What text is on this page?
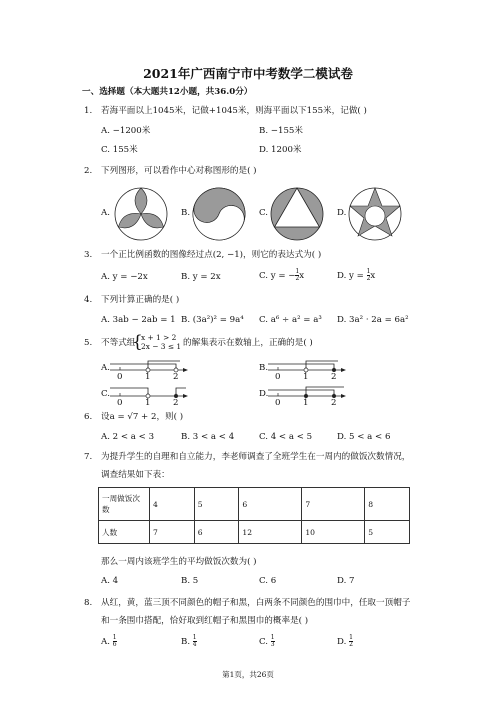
2021年广西南宁市中考数学二模试卷
一、选择题（本大题共12小题，共36.0分）
1. 若海平面以上1045米，记做+1045米，则海平面以下155米，记做( )
A. −1200米	B. −155米
C. 155米	D. 1200米
2. 下列图形，可以看作中心对称图形的是( )
A.	B.	C.	D.
3. 一个正比例函数的图像经过点(2, −1)，则它的表达式为( )
A. y = −2x	B. y = 2x	C. y = − $\frac{1}{2}$ x	D. $y = \frac{1}{2}$ x
4. 下列计算正确的是( )
A. 3ab − 2ab = 1 B. (3a²)² = 9a⁴ C. a⁶ ÷ a² = a³ D. 3a² · 2a = 6a²
5. 不等式组
{
x + 1 > 2
2x − 3 ≤ 1 的解集表示在数轴上，正确的是( )
A.	B.
C.	D.
0	1	2	0	1	2
0	1	2	0	1	2
6. 设a = √7 + 2，则( )
A. 2 < a < 3	B. 3 < a < 4	C. 4 < a < 5	D. 5 < a < 6
7. 为提升学生的自理和自立能力，李老师调查了全班学生在一周内的做饭次数情况，
调查结果如下表：
一周做饭次数	4	5	6	7	8
人数	7	6	12	10	5
那么一周内该班学生的平均做饭次数为( )
A. 4	B. 5	C. 6	D. 7
8. 从红，黄，蓝三顶不同颜色的帽子和黑，白两条不同颜色的围巾中，任取一顶帽子
和一条围巾搭配，恰好取到红帽子和黑围巾的概率是( )
A. $\frac{1}{6}$	B. $\frac{1}{4}$	C. $\frac{1}{3}$	D. $\frac{1}{2}$
第1页，共26页
